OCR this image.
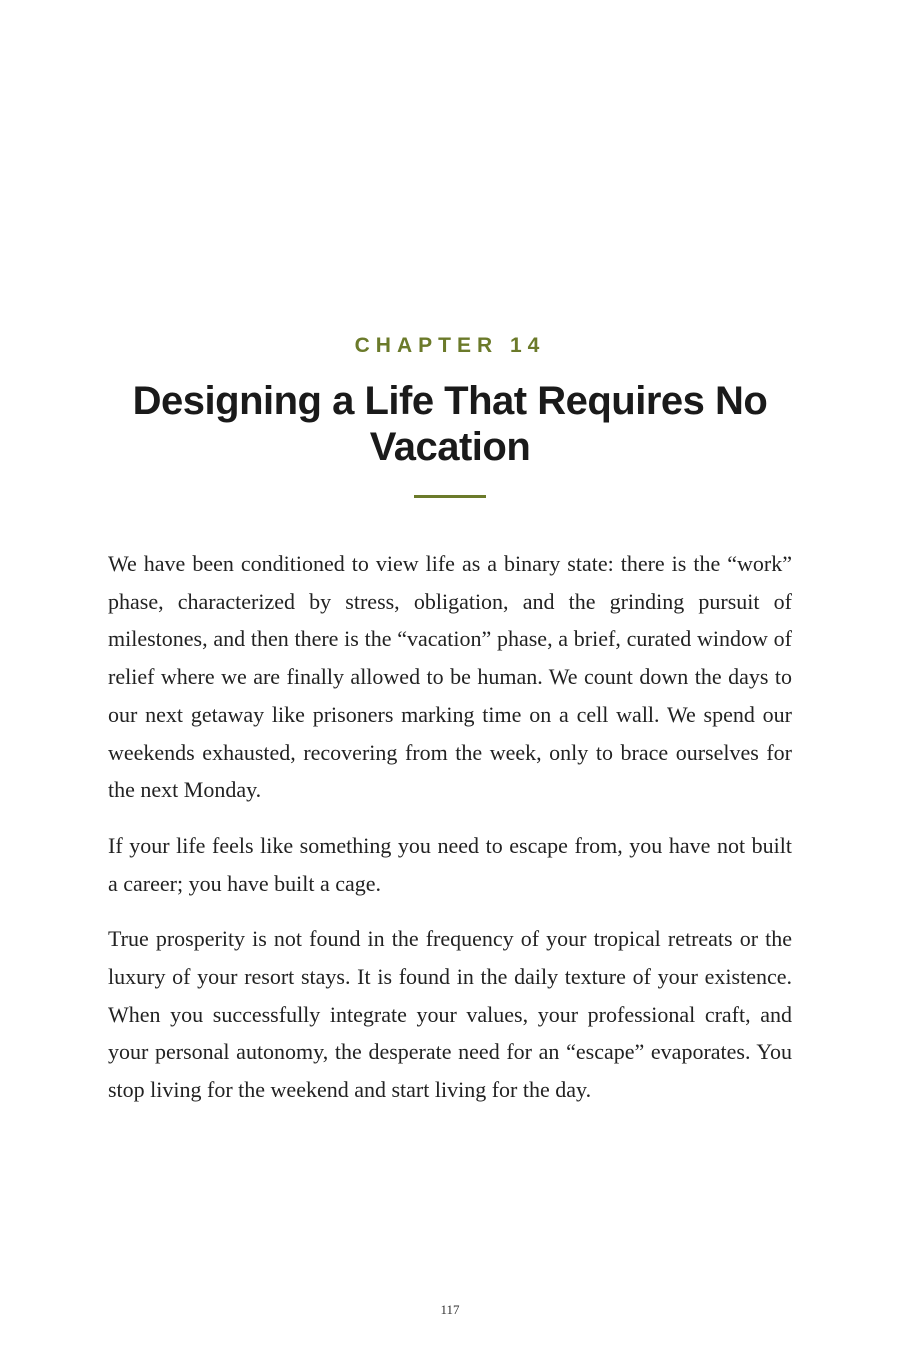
CHAPTER 14
Designing a Life That Requires No Vacation

We have been conditioned to view life as a binary state: there is the “work” phase, characterized by stress, obligation, and the grinding pursuit of milestones, and then there is the “vacation” phase, a brief, curated window of relief where we are finally allowed to be human. We count down the days to our next getaway like prisoners marking time on a cell wall. We spend our weekends exhausted, recovering from the week, only to brace ourselves for the next Monday.

If your life feels like something you need to escape from, you have not built a career; you have built a cage.

True prosperity is not found in the frequency of your tropical retreats or the luxury of your resort stays. It is found in the daily texture of your existence. When you successfully integrate your values, your professional craft, and your personal autonomy, the desperate need for an “escape” evaporates. You stop living for the weekend and start living for the day.

117
